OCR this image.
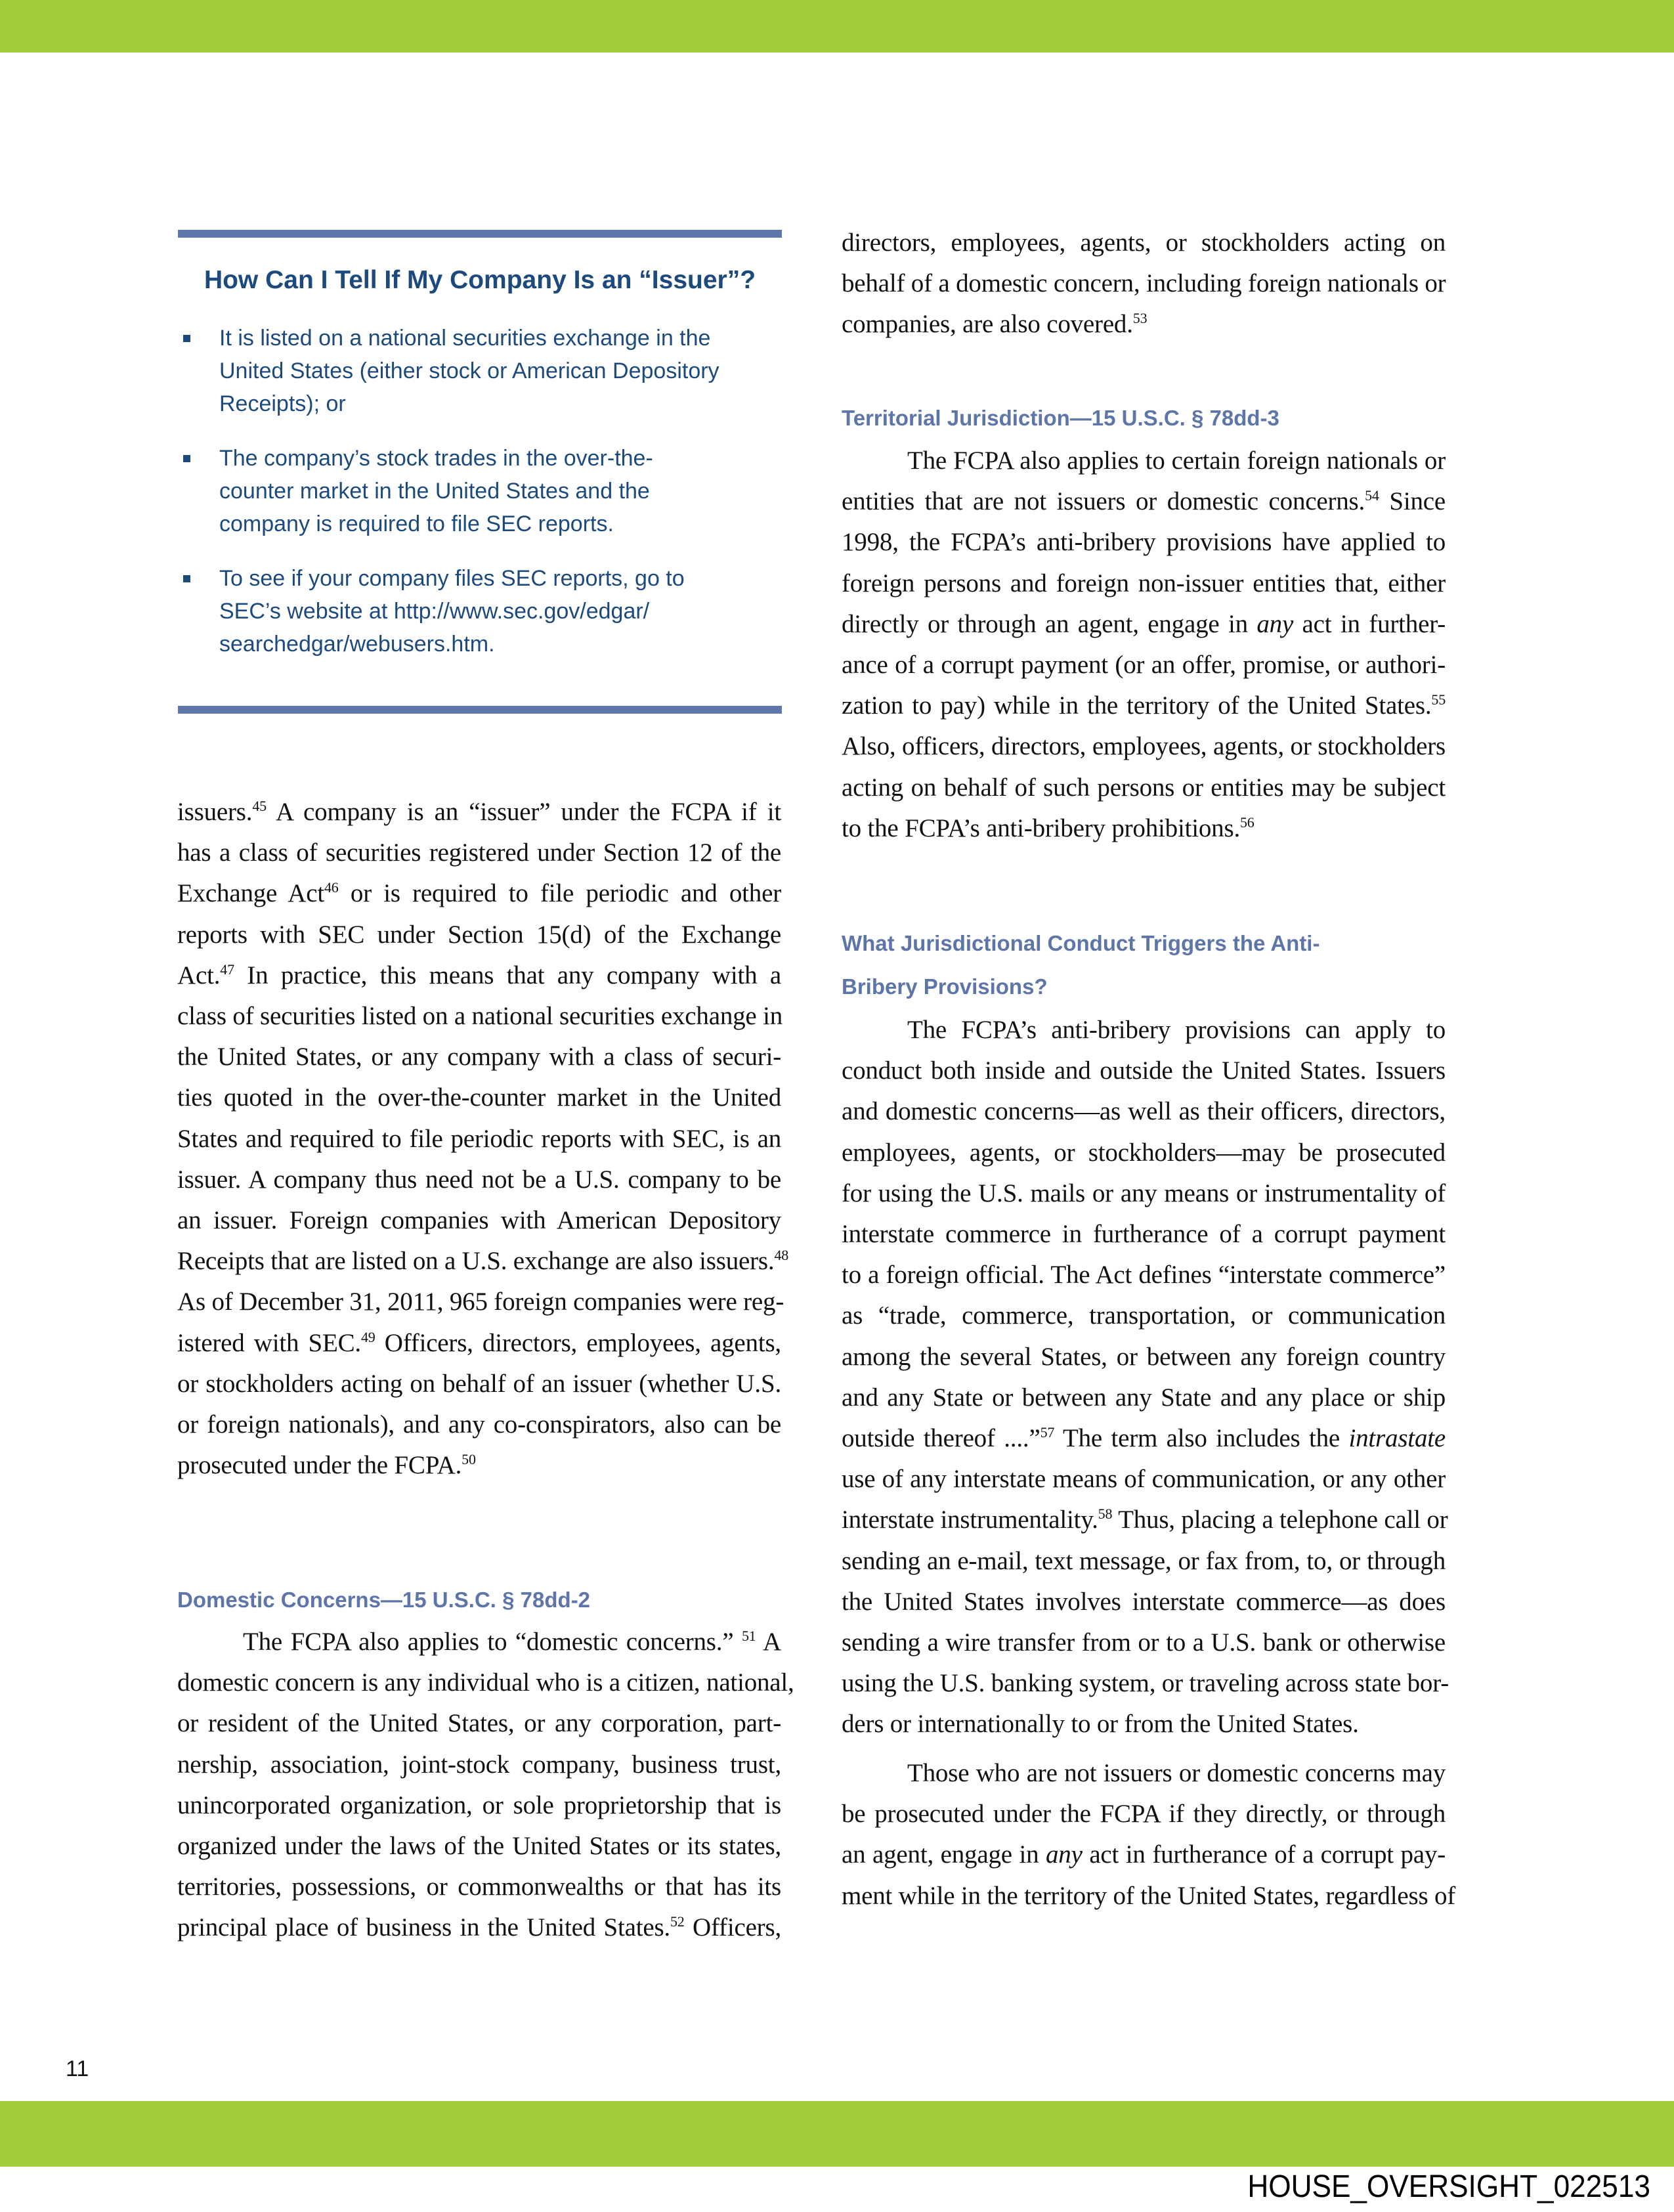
How Can I Tell If My Company Is an “Issuer”?
It is listed on a national securities exchange in the
United States (either stock or American Depository
Receipts); or
The company’s stock trades in the over-the-
counter market in the United States and the
company is required to file SEC reports.
To see if your company files SEC reports, go to
SEC’s website at http://www.sec.gov/edgar/
searchedgar/webusers.htm.
issuers.$^{45}$ A company is an “issuer” under the FCPA if it
has a class of securities registered under Section 12 of the
Exchange Act$^{46}$ or is required to file periodic and other
reports with SEC under Section 15(d) of the Exchange
Act.$^{47}$ In practice, this means that any company with a
class of securities listed on a national securities exchange in
the United States, or any company with a class of securi-
ties quoted in the over-the-counter market in the United
States and required to file periodic reports with SEC, is an
issuer. A company thus need not be a U.S. company to be
an issuer. Foreign companies with American Depository
Receipts that are listed on a U.S. exchange are also issuers.$^{48}$
As of December 31, 2011, 965 foreign companies were reg-
istered with SEC.$^{49}$ Officers, directors, employees, agents,
or stockholders acting on behalf of an issuer (whether U.S.
or foreign nationals), and any co-conspirators, also can be
prosecuted under the FCPA.$^{50}$
Domestic Concerns—15 U.S.C. § 78dd-2
The FCPA also applies to “domestic concerns.” $^{51}$ A
domestic concern is any individual who is a citizen, national,
or resident of the United States, or any corporation, part-
nership, association, joint-stock company, business trust,
unincorporated organization, or sole proprietorship that is
organized under the laws of the United States or its states,
territories, possessions, or commonwealths or that has its
principal place of business in the United States.$^{52}$ Officers,
directors, employees, agents, or stockholders acting on
behalf of a domestic concern, including foreign nationals or
companies, are also covered.$^{53}$
Territorial Jurisdiction—15 U.S.C. § 78dd-3
The FCPA also applies to certain foreign nationals or
entities that are not issuers or domestic concerns.$^{54}$ Since
1998, the FCPA’s anti-bribery provisions have applied to
foreign persons and foreign non-issuer entities that, either
directly or through an agent, engage in any act in further-
ance of a corrupt payment (or an offer, promise, or authori-
zation to pay) while in the territory of the United States.$^{55}$
Also, officers, directors, employees, agents, or stockholders
acting on behalf of such persons or entities may be subject
to the FCPA’s anti-bribery prohibitions.$^{56}$
What Jurisdictional Conduct Triggers the Anti-
Bribery Provisions?
The FCPA’s anti-bribery provisions can apply to
conduct both inside and outside the United States. Issuers
and domestic concerns—as well as their officers, directors,
employees, agents, or stockholders—may be prosecuted
for using the U.S. mails or any means or instrumentality of
interstate commerce in furtherance of a corrupt payment
to a foreign official. The Act defines “interstate commerce”
as “trade, commerce, transportation, or communication
among the several States, or between any foreign country
and any State or between any State and any place or ship
outside thereof ....”$^{57}$ The term also includes the intrastate
use of any interstate means of communication, or any other
interstate instrumentality.$^{58}$ Thus, placing a telephone call or
sending an e-mail, text message, or fax from, to, or through
the United States involves interstate commerce—as does
sending a wire transfer from or to a U.S. bank or otherwise
using the U.S. banking system, or traveling across state bor-
ders or internationally to or from the United States.
Those who are not issuers or domestic concerns may
be prosecuted under the FCPA if they directly, or through
an agent, engage in any act in furtherance of a corrupt pay-
ment while in the territory of the United States, regardless of
11
HOUSE_OVERSIGHT_022513
